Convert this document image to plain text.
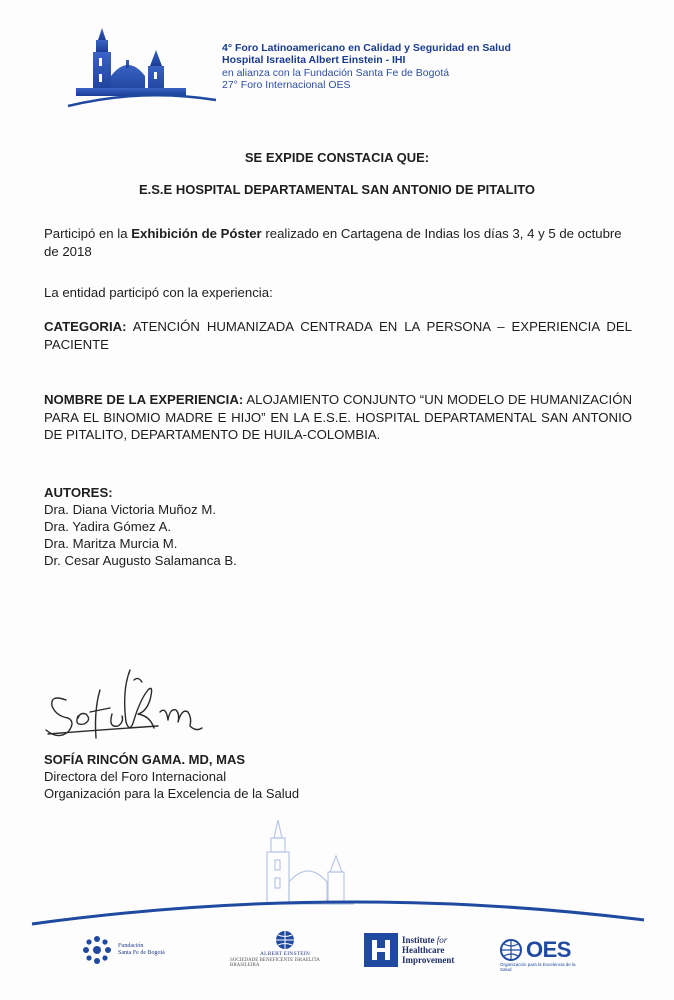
4° Foro Latinoamericano en Calidad y Seguridad en Salud
Hospital Israelita Albert Einstein - IHI
en alianza con la Fundación Santa Fe de Bogotá
27° Foro Internacional OES
SE EXPIDE CONSTACIA QUE:
E.S.E HOSPITAL DEPARTAMENTAL SAN ANTONIO DE PITALITO
Participó en la Exhibición de Póster realizado en Cartagena de Indias los días 3, 4 y 5 de octubre de 2018
La entidad participó con la experiencia:
CATEGORIA: ATENCIÓN HUMANIZADA CENTRADA EN LA PERSONA – EXPERIENCIA DEL PACIENTE
NOMBRE DE LA EXPERIENCIA: ALOJAMIENTO CONJUNTO “UN MODELO DE HUMANIZACIÓN PARA EL BINOMIO MADRE E HIJO” EN LA E.S.E. HOSPITAL DEPARTAMENTAL SAN ANTONIO DE PITALITO, DEPARTAMENTO DE HUILA-COLOMBIA.
AUTORES:
Dra. Diana Victoria Muñoz M.
Dra. Yadira Gómez A.
Dra. Maritza Murcia M.
Dr. Cesar Augusto Salamanca B.
SOFÍA RINCÓN GAMA. MD, MAS
Directora del Foro Internacional
Organización para la Excelencia de la Salud
Fundación
Santa Fe de Bogotá	ALBERT EINSTEIN
SOCIEDADE BENEFICENTE ISRAELITA BRASILEIRA
Institute for
Healthcare
Improvement	OES
Organización para la Excelencia de la Salud
